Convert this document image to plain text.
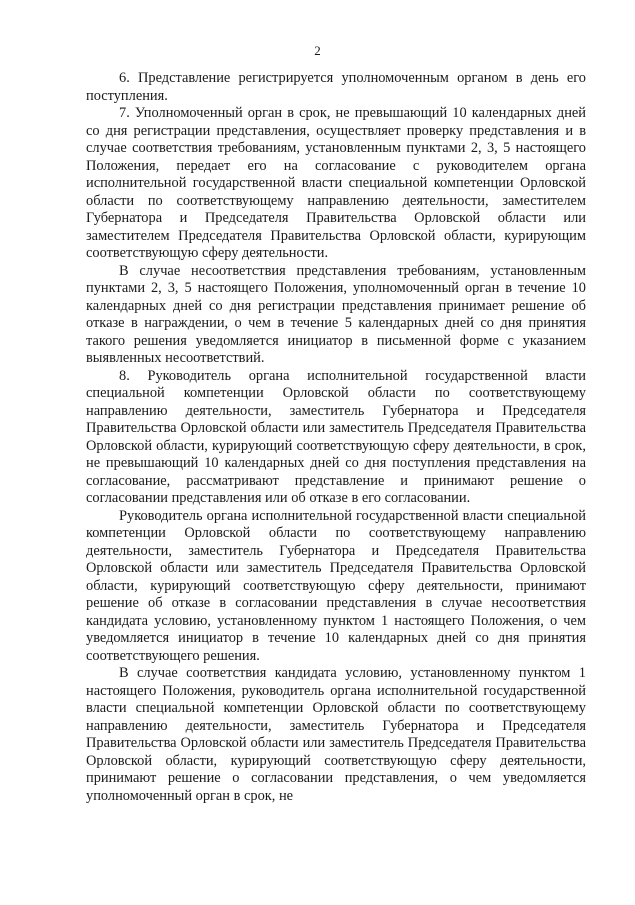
2

6. Представление регистрируется уполномоченным органом в день его поступления.

7. Уполномоченный орган в срок, не превышающий 10 календарных дней со дня регистрации представления, осуществляет проверку представления и в случае соответствия требованиям, установленным пунктами 2, 3, 5 настоящего Положения, передает его на согласование с руководителем органа исполнительной государственной власти специальной компетенции Орловской области по соответствующему направлению деятельности, заместителем Губернатора и Председателя Правительства Орловской области или заместителем Председателя Правительства Орловской области, курирующим соответствующую сферу деятельности.

В случае несоответствия представления требованиям, установленным пунктами 2, 3, 5 настоящего Положения, уполномоченный орган в течение 10 календарных дней со дня регистрации представления принимает решение об отказе в награждении, о чем в течение 5 календарных дней со дня принятия такого решения уведомляется инициатор в письменной форме с указанием выявленных несоответствий.

8. Руководитель органа исполнительной государственной власти специальной компетенции Орловской области по соответствующему направлению деятельности, заместитель Губернатора и Председателя Правительства Орловской области или заместитель Председателя Правительства Орловской области, курирующий соответствующую сферу деятельности, в срок, не превышающий 10 календарных дней со дня поступления представления на согласование, рассматривают представление и принимают решение о согласовании представления или об отказе в его согласовании.

Руководитель органа исполнительной государственной власти специальной компетенции Орловской области по соответствующему направлению деятельности, заместитель Губернатора и Председателя Правительства Орловской области или заместитель Председателя Правительства Орловской области, курирующий соответствующую сферу деятельности, принимают решение об отказе в согласовании представления в случае несоответствия кандидата условию, установленному пунктом 1 настоящего Положения, о чем уведомляется инициатор в течение 10 календарных дней со дня принятия соответствующего решения.

В случае соответствия кандидата условию, установленному пунктом 1 настоящего Положения, руководитель органа исполнительной государственной власти специальной компетенции Орловской области по соответствующему направлению деятельности, заместитель Губернатора и Председателя Правительства Орловской области или заместитель Председателя Правительства Орловской области, курирующий соответствующую сферу деятельности, принимают решение о согласовании представления, о чем уведомляется уполномоченный орган в срок, не
